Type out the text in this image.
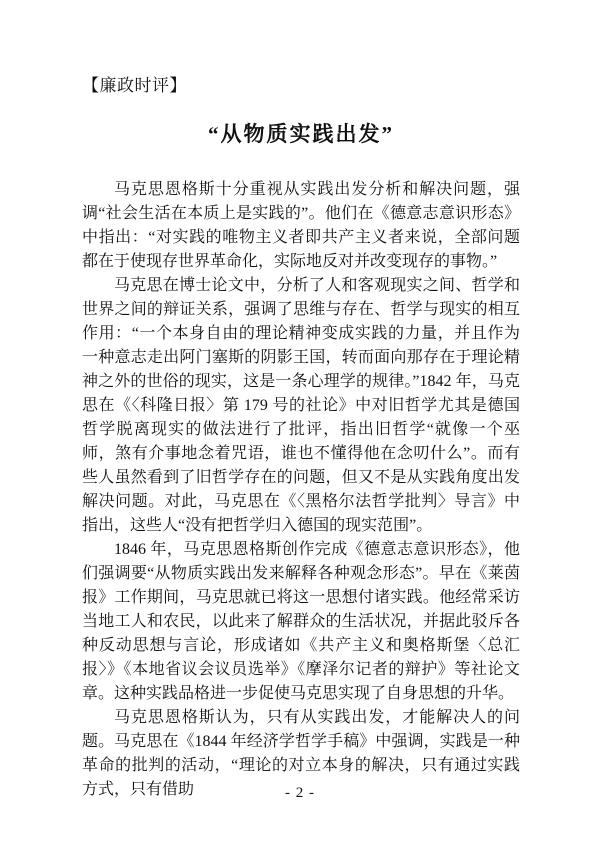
【廉政时评】
“从物质实践出发”

马克思恩格斯十分重视从实践出发分析和解决问题，强调“社会生活在本质上是实践的”。他们在《德意志意识形态》中指出：“对实践的唯物主义者即共产主义者来说，全部问题都在于使现存世界革命化，实际地反对并改变现存的事物。”

马克思在博士论文中，分析了人和客观现实之间、哲学和世界之间的辩证关系，强调了思维与存在、哲学与现实的相互作用：“一个本身自由的理论精神变成实践的力量，并且作为一种意志走出阿门塞斯的阴影王国，转而面向那存在于理论精神之外的世俗的现实，这是一条心理学的规律。”1842 年，马克思在《〈科隆日报〉第 179 号的社论》中对旧哲学尤其是德国哲学脱离现实的做法进行了批评，指出旧哲学“就像一个巫师，煞有介事地念着咒语，谁也不懂得他在念叨什么”。而有些人虽然看到了旧哲学存在的问题，但又不是从实践角度出发解决问题。对此，马克思在《〈黑格尔法哲学批判〉导言》中指出，这些人“没有把哲学归入德国的现实范围”。

1846 年，马克思恩格斯创作完成《德意志意识形态》，他们强调要“从物质实践出发来解释各种观念形态”。早在《莱茵报》工作期间，马克思就已将这一思想付诸实践。他经常采访当地工人和农民，以此来了解群众的生活状况，并据此驳斥各种反动思想与言论，形成诸如《共产主义和奥格斯堡〈总汇报〉》《本地省议会议员选举》《摩泽尔记者的辩护》等社论文章。这种实践品格进一步促使马克思实现了自身思想的升华。

马克思恩格斯认为，只有从实践出发，才能解决人的问题。马克思在《1844 年经济学哲学手稿》中强调，实践是一种革命的批判的活动，“理论的对立本身的解决，只有通过实践方式，只有借助	- 2 -
